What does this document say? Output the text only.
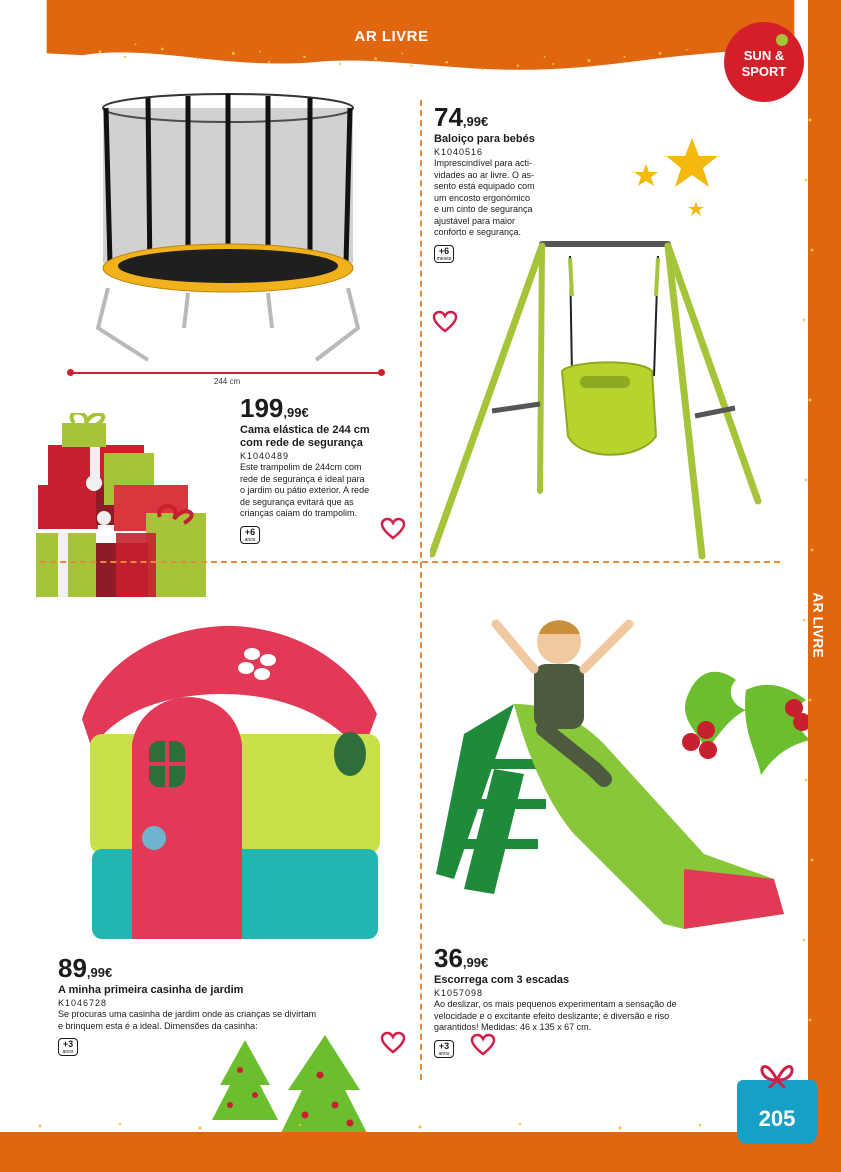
244 cm
199,99€
Cama elástica de 244 cm
com rede de segurança
K1040489
Este trampolim de 244cm com
rede de segurança é ideal para
o jardim ou pátio exterior. A rede
de segurança evitará que as
crianças caiam do trampolim.
+6
anos
74,99€
Baloiço para bebés
K1040516
Imprescindível para acti-
vidades ao ar livre. O as-
sento está equipado com
um encosto ergonómico
e um cinto de segurança
ajustável para maior
conforto e segurança.
+6
meses
89,99€
A minha primeira casinha de jardim
K1046728
Se procuras uma casinha de jardim onde as crianças se divirtam
e brinquem esta é a ideal. Dimensões da casinha:
+3
anos
36,99€
Escorrega com 3 escadas
K1057098
Ao deslizar, os mais pequenos experimentam a sensação de
velocidade e o excitante efeito deslizante; é diversão e riso
garantidos! Medidas: 46 x 135 x 67 cm.
+3
anos
AR LIVRE
AR LIVRE
SUN &
SPORT
205
